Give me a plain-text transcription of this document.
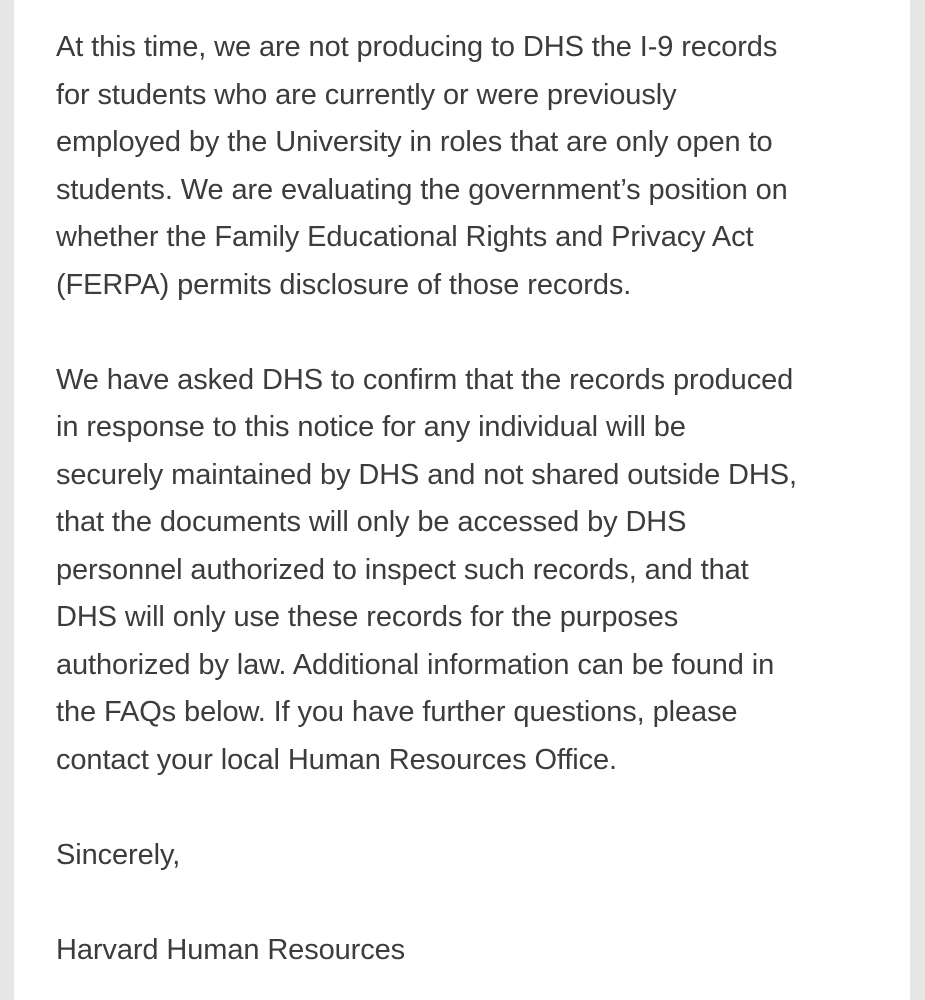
At this time, we are not producing to DHS the I-9 records
for students who are currently or were previously
employed by the University in roles that are only open to
students. We are evaluating the government’s position on
whether the Family Educational Rights and Privacy Act
(FERPA) permits disclosure of those records.
We have asked DHS to confirm that the records produced
in response to this notice for any individual will be
securely maintained by DHS and not shared outside DHS,
that the documents will only be accessed by DHS
personnel authorized to inspect such records, and that
DHS will only use these records for the purposes
authorized by law. Additional information can be found in
the FAQs below. If you have further questions, please
contact your local Human Resources Office.
Sincerely,
Harvard Human Resources
